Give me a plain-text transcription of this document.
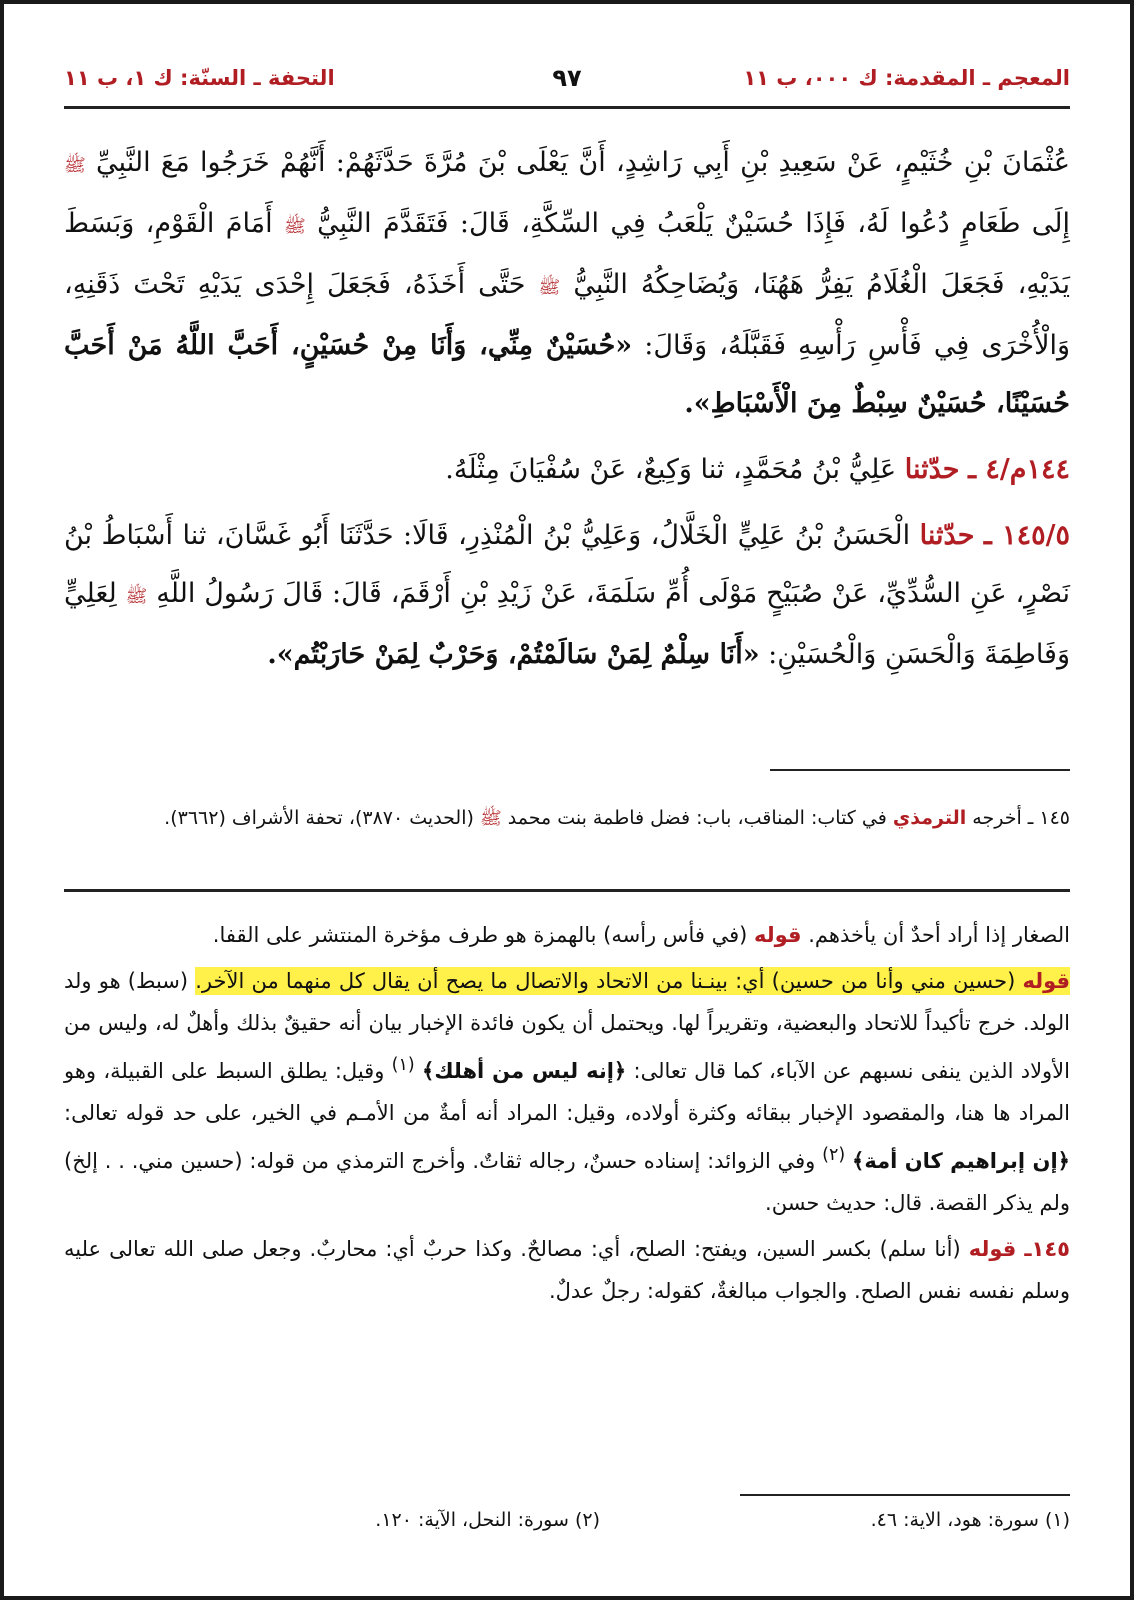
المعجم ـ المقدمة: ك ٠٠٠، ب ١١
٩٧
التحفة ـ السنّة: ك ١، ب ١١

عُثْمَانَ بْنِ خُثَيْمٍ، عَنْ سَعِيدِ بْنِ أَبِي رَاشِدٍ، أَنَّ يَعْلَى بْنَ مُرَّةَ حَدَّثَهُمْ: أَنَّهُمْ خَرَجُوا مَعَ النَّبِيِّ ﷺ إِلَى طَعَامٍ دُعُوا لَهُ، فَإِذَا حُسَيْنٌ يَلْعَبُ فِي السِّكَّةِ، قَالَ: فَتَقَدَّمَ النَّبِيُّ ﷺ أَمَامَ الْقَوْمِ، وَبَسَطَ يَدَيْهِ، فَجَعَلَ الْغُلَامُ يَفِرُّ هَهُنَا، وَيُضَاحِكُهُ النَّبِيُّ ﷺ حَتَّى أَخَذَهُ، فَجَعَلَ إِحْدَى يَدَيْهِ تَحْتَ ذَقَنِهِ، وَالْأُخْرَى فِي فَأْسِ رَأْسِهِ فَقَبَّلَهُ، وَقَالَ: «حُسَيْنٌ مِنِّي، وَأَنَا مِنْ حُسَيْنٍ، أَحَبَّ اللَّهُ مَنْ أَحَبَّ حُسَيْنًا، حُسَيْنٌ سِبْطٌ مِنَ الْأَسْبَاطِ».

١٤٤م/٤ ـ حدّثنا عَلِيُّ بْنُ مُحَمَّدٍ، ثنا وَكِيعٌ، عَنْ سُفْيَانَ مِثْلَهُ.

١٤٥/٥ ـ حدّثنا الْحَسَنُ بْنُ عَلِيٍّ الْخَلَّالُ، وَعَلِيُّ بْنُ الْمُنْذِرِ، قَالَا: حَدَّثَنَا أَبُو غَسَّانَ، ثنا أَسْبَاطُ بْنُ نَصْرٍ، عَنِ السُّدِّيِّ، عَنْ صُبَيْحٍ مَوْلَى أُمِّ سَلَمَةَ، عَنْ زَيْدِ بْنِ أَرْقَمَ، قَالَ: قَالَ رَسُولُ اللَّهِ ﷺ لِعَلِيٍّ وَفَاطِمَةَ وَالْحَسَنِ وَالْحُسَيْنِ: «أَنَا سِلْمٌ لِمَنْ سَالَمْتُمْ، وَحَرْبٌ لِمَنْ حَارَبْتُم».

١٤٥ ـ أخرجه الترمذي في كتاب: المناقب، باب: فضل فاطمة بنت محمد ﷺ (الحديث ٣٨٧٠)، تحفة الأشراف (٣٦٦٢).

الصغار إذا أراد أحدٌ أن يأخذهم. قوله (في فأس رأسه) بالهمزة هو طرف مؤخرة المنتشر على القفا.

قوله (حسين مني وأنا من حسين) أي: بينـنا من الاتحاد والاتصال ما يصح أن يقال كل منهما من الآخر. (سبط) هو ولد الولد. خرج تأكيداً للاتحاد والبعضية، وتقريراً لها. ويحتمل أن يكون فائدة الإخبار بيان أنه حقيقٌ بذلك وأهلٌ له، وليس من الأولاد الذين ينفى نسبهم عن الآباء، كما قال تعالى: ﴿إنه ليس من أهلك﴾ $^{(١)}$ وقيل: يطلق السبط على القبيلة، وهو المراد ها هنا، والمقصود الإخبار ببقائه وكثرة أولاده، وقيل: المراد أنه أمةٌ من الأمـم في الخير، على حد قوله تعالى: ﴿إن إبراهيم كان أمة﴾ $^{(٢)}$ وفي الزوائد: إسناده حسنٌ، رجاله ثقاتٌ. وأخرج الترمذي من قوله: (حسين مني. . . إلخ) ولم يذكر القصة. قال: حديث حسن.

١٤٥ـ قوله (أنا سلم) بكسر السين، ويفتح: الصلح، أي: مصالحٌ. وكذا حربٌ أي: محاربٌ. وجعل صلى الله تعالى عليه وسلم نفسه نفس الصلح. والجواب مبالغةٌ، كقوله: رجلٌ عدلٌ.

(١) سورة: هود، الاية: ٤٦.
(٢) سورة: النحل، الآية: ١٢٠.
